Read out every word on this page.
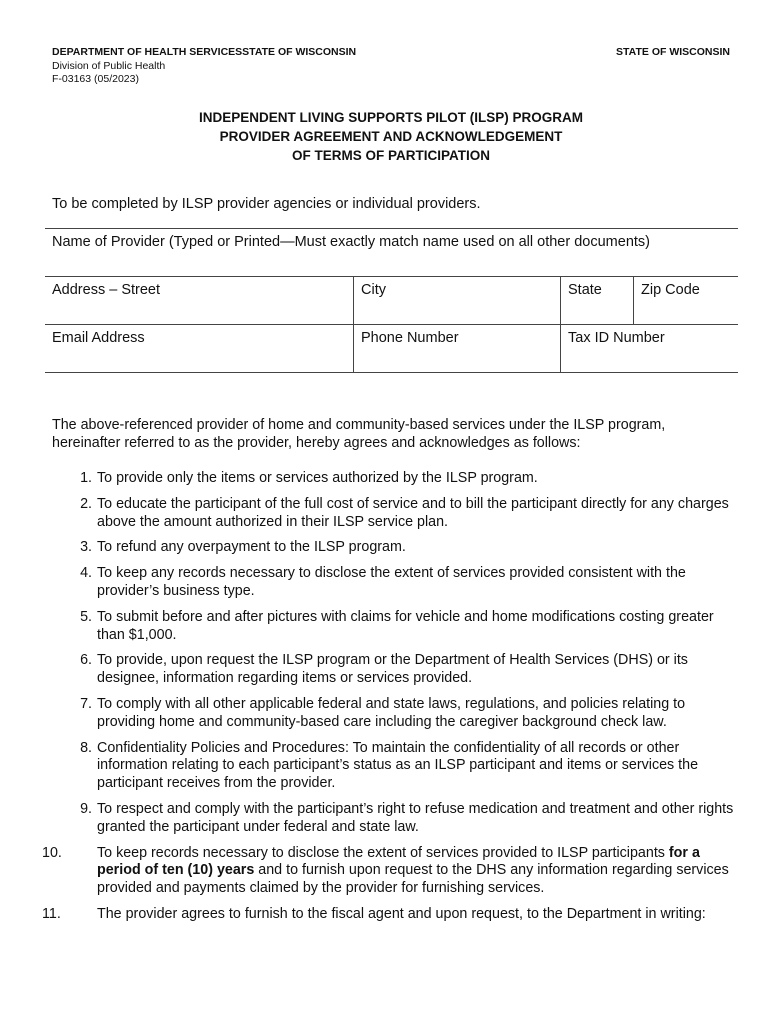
DEPARTMENT OF HEALTH SERVICESSTATE OF WISCONSIN
Division of Public Health
F-03163 (05/2023)
STATE OF WISCONSIN
INDEPENDENT LIVING SUPPORTS PILOT (ILSP) PROGRAM
PROVIDER AGREEMENT AND ACKNOWLEDGEMENT
OF TERMS OF PARTICIPATION
To be completed by ILSP provider agencies or individual providers.
Name of Provider (Typed or Printed—Must exactly match name used on all other documents)
Address – Street	City	State	Zip Code
Email Address	Phone Number	Tax ID Number
The above-referenced provider of home and community-based services under the ILSP program, hereinafter referred to as the provider, hereby agrees and acknowledges as follows:
1. To provide only the items or services authorized by the ILSP program.
2. To educate the participant of the full cost of service and to bill the participant directly for any charges above the amount authorized in their ILSP service plan.
3. To refund any overpayment to the ILSP program.
4. To keep any records necessary to disclose the extent of services provided consistent with the provider’s business type.
5. To submit before and after pictures with claims for vehicle and home modifications costing greater than $1,000.
6. To provide, upon request the ILSP program or the Department of Health Services (DHS) or its designee, information regarding items or services provided.
7. To comply with all other applicable federal and state laws, regulations, and policies relating to providing home and community-based care including the caregiver background check law.
8. Confidentiality Policies and Procedures: To maintain the confidentiality of all records or other information relating to each participant’s status as an ILSP participant and items or services the participant receives from the provider.
9. To respect and comply with the participant’s right to refuse medication and treatment and other rights granted the participant under federal and state law.
10.	To keep records necessary to disclose the extent of services provided to ILSP participants for a period of ten (10) years and to furnish upon request to the DHS any information regarding services provided and payments claimed by the provider for furnishing services.
11.	The provider agrees to furnish to the fiscal agent and upon request, to the Department in writing:
